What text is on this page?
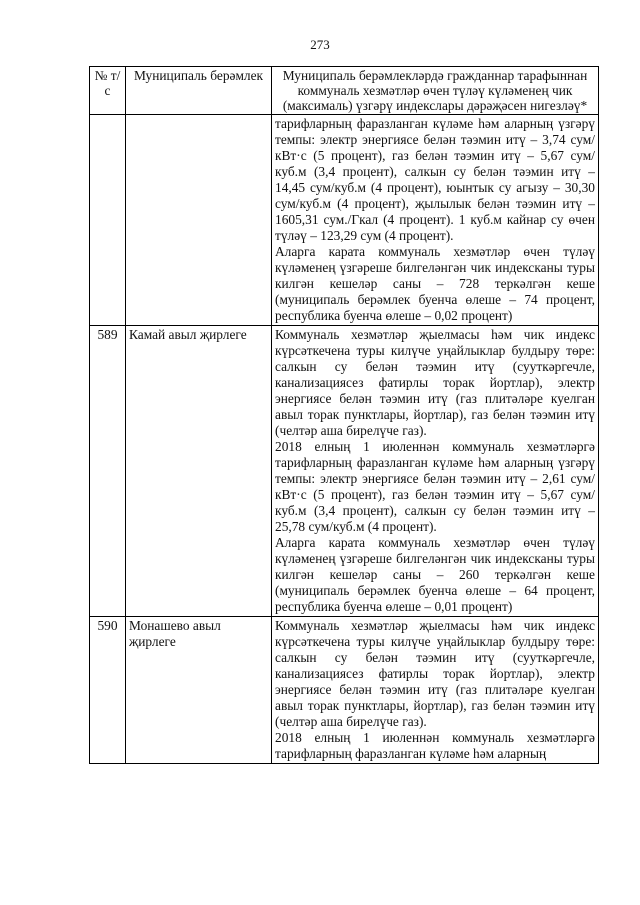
273
№ т/с	Муниципаль берәмлек	Муниципаль берәмлекләрдә гражданнар тарафыннан коммуналь хезмәтләр өчен түләү күләменең чик (максималь) үзгәрү индекслары дәрәҗәсен нигезләү*

		тарифларның фаразланган күләме һәм аларның үзгәрү темпы: электр энергиясе белән тәэмин итү – 3,74 сум/кВт·с (5 процент), газ белән тәэмин итү – 5,67 сум/куб.м (3,4 процент), салкын су белән тәэмин итү – 14,45 сум/куб.м (4 процент), юынтык су агызу – 30,30 сум/куб.м (4 процент), җылылык белән тәэмин итү – 1605,31 сум./Гкал (4 процент). 1 куб.м кайнар су өчен түләү – 123,29 сум (4 процент).
Аларга карата коммуналь хезмәтләр өчен түләү күләменең үзгәреше билгеләнгән чик индексканы туры килгән кешеләр саны – 728 теркәлгән кеше (муниципаль берәмлек буенча өлеше – 74 процент, республика буенча өлеше – 0,02 процент)

589	Камай авыл җирлеге	Коммуналь хезмәтләр җыелмасы һәм чик индекс күрсәткечена туры килүче уңайлыклар булдыру төре: салкын су белән тәэмин итү (сууткәргечле, канализациясез фатирлы торак йортлар), электр энергиясе белән тәэмин итү (газ плитәләре куелган авыл торак пунктлары, йортлар), газ белән тәэмин итү (челтәр аша бирелүче газ).
2018 елның 1 июленнән коммуналь хезмәтләргә тарифларның фаразланган күләме һәм аларның үзгәрү темпы: электр энергиясе белән тәэмин итү – 2,61 сум/кВт·с (5 процент), газ белән тәэмин итү – 5,67 сум/куб.м (3,4 процент), салкын су белән тәэмин итү – 25,78 сум/куб.м (4 процент).
Аларга карата коммуналь хезмәтләр өчен түләү күләменең үзгәреше билгеләнгән чик индексканы туры килгән кешеләр саны – 260 теркәлгән кеше (муниципаль берәмлек буенча өлеше – 64 процент, республика буенча өлеше – 0,01 процент)

590	Монашево авыл җирлеге	Коммуналь хезмәтләр җыелмасы һәм чик индекс күрсәткечена туры килүче уңайлыклар булдыру төре: салкын су белән тәэмин итү (сууткәргечле, канализациясез фатирлы торак йортлар), электр энергиясе белән тәэмин итү (газ плитәләре куелган авыл торак пунктлары, йортлар), газ белән тәэмин итү (челтәр аша бирелүче газ).
2018 елның 1 июленнән коммуналь хезмәтләргә тарифларның фаразланган күләме һәм аларның
